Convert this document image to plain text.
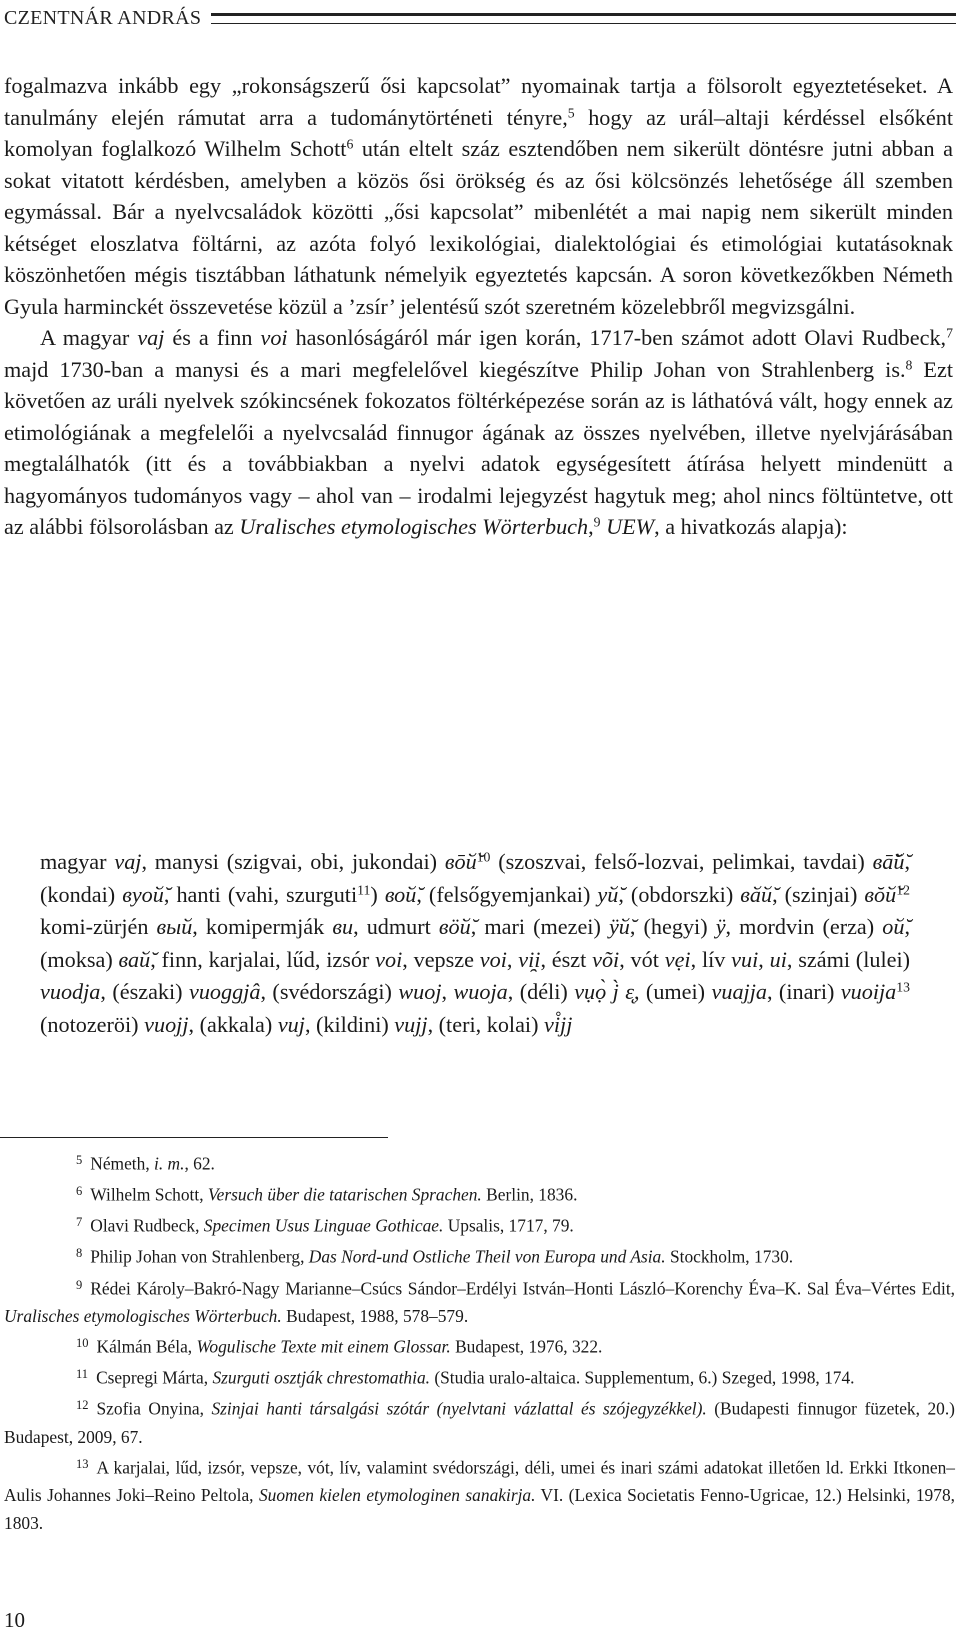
CZENTNÁR ANDRÁS

fogalmazva inkább egy „rokonságszerű ősi kapcsolat” nyomainak tartja a fölsorolt egyeztetéseket. A tanulmány elején rámutat arra a tudománytörténeti tényre,$^5$ hogy az urál–altaji kérdéssel elsőként komolyan foglalkozó Wilhelm Schott$^6$ után eltelt száz esztendőben nem sikerült döntésre jutni abban a sokat vitatott kérdésben, amelyben a közös ősi örökség és az ősi kölcsönzés lehetősége áll szemben egymással. Bár a nyelvcsaládok közötti „ősi kapcsolat” mibenlétét a mai napig nem sikerült minden kétséget eloszlatva föltárni, az azóta folyó lexikológiai, dialektológiai és etimológiai kutatásoknak köszönhetően mégis tisztábban láthatunk némelyik egyeztetés kapcsán. A soron következőkben Németh Gyula harminckét összevetése közül a ’zsír’ jelentésű szót szeretném közelebbről megvizsgálni.

A magyar vaj és a finn voi hasonlóságáról már igen korán, 1717-ben számot adott Olavi Rudbeck,$^7$ majd 1730-ban a manysi és a mari megfelelővel kiegészítve Philip Johan von Strahlenberg is.$^8$ Ezt követően az uráli nyelvek szókincsének fokozatos föltérképezése során az is láthatóvá vált, hogy ennek az etimológiának a megfelelői a nyelvcsalád finnugor ágának az összes nyelvében, illetve nyelvjárásában megtalálhatók (itt és a továbbiakban a nyelvi adatok egységesített átírása helyett mindenütt a hagyományos tudományos vagy – ahol van – irodalmi lejegyzést hagytuk meg; ahol nincs föltüntetve, ott az alábbi fölsorolásban az Uralisches etymologisches Wörterbuch,$^9$ UEW, a hivatkozás alapja):

magyar vaj, manysi (szigvai, obi, jukondai) вōй̆$^{10}$ (szoszvai, felső-lozvai, pelimkai, tavdai) вā̆й̆, (kondai) вуой̆, hanti (vahi, szurguti$^{11}$) вой̆, (felsőgyemjankai) уй̆, (obdorszki) вӑй̆, (szinjai) вŏй̆$^{12}$ komi-zürjén вый, komipermják ви, udmurt вӧй̆, mari (mezei) ӱй̆, (hegyi) ӱ, mordvin (erza) ой̆, (moksa) вай̆, finn, karjalai, lűd, izsór voi, vepsze voi, vi̯i, észt või, vót vẹi, lív vui, ui, számi (lulei) vuodja, (északi) vuoggjâ, (svédországi) wuoj, wuoja, (déli) vụọ̀ j̀ ε̨, (umei) vuajja, (inari) vuoija$^{13}$ (notozeröi) vuojj, (akkala) vuj, (kildini) vujj, (teri, kolai) vi̊jj

5 Németh, i. m., 62.

6 Wilhelm Schott, Versuch über die tatarischen Sprachen. Berlin, 1836.

7 Olavi Rudbeck, Specimen Usus Linguae Gothicae. Upsalis, 1717, 79.

8 Philip Johan von Strahlenberg, Das Nord-und Ostliche Theil von Europa und Asia. Stockholm, 1730.

9 Rédei Károly–Bakró-Nagy Marianne–Csúcs Sándor–Erdélyi István–Honti László–Korenchy Éva–K. Sal Éva–Vértes Edit, Uralisches etymologisches Wörterbuch. Budapest, 1988, 578–579.

10 Kálmán Béla, Wogulische Texte mit einem Glossar. Budapest, 1976, 322.

11 Csepregi Márta, Szurguti osztják chrestomathia. (Studia uralo-altaica. Supplementum, 6.) Szeged, 1998, 174.

12 Szofia Onyina, Szinjai hanti társalgási szótár (nyelvtani vázlattal és szójegyzékkel). (Budapesti finnugor füzetek, 20.) Budapest, 2009, 67.

13 A karjalai, lűd, izsór, vepsze, vót, lív, valamint svédországi, déli, umei és inari számi adatokat illetően ld. Erkki Itkonen–Aulis Johannes Joki–Reino Peltola, Suomen kielen etymologinen sanakirja. VI. (Lexica Societatis Fenno-Ugricae, 12.) Helsinki, 1978, 1803.

10
